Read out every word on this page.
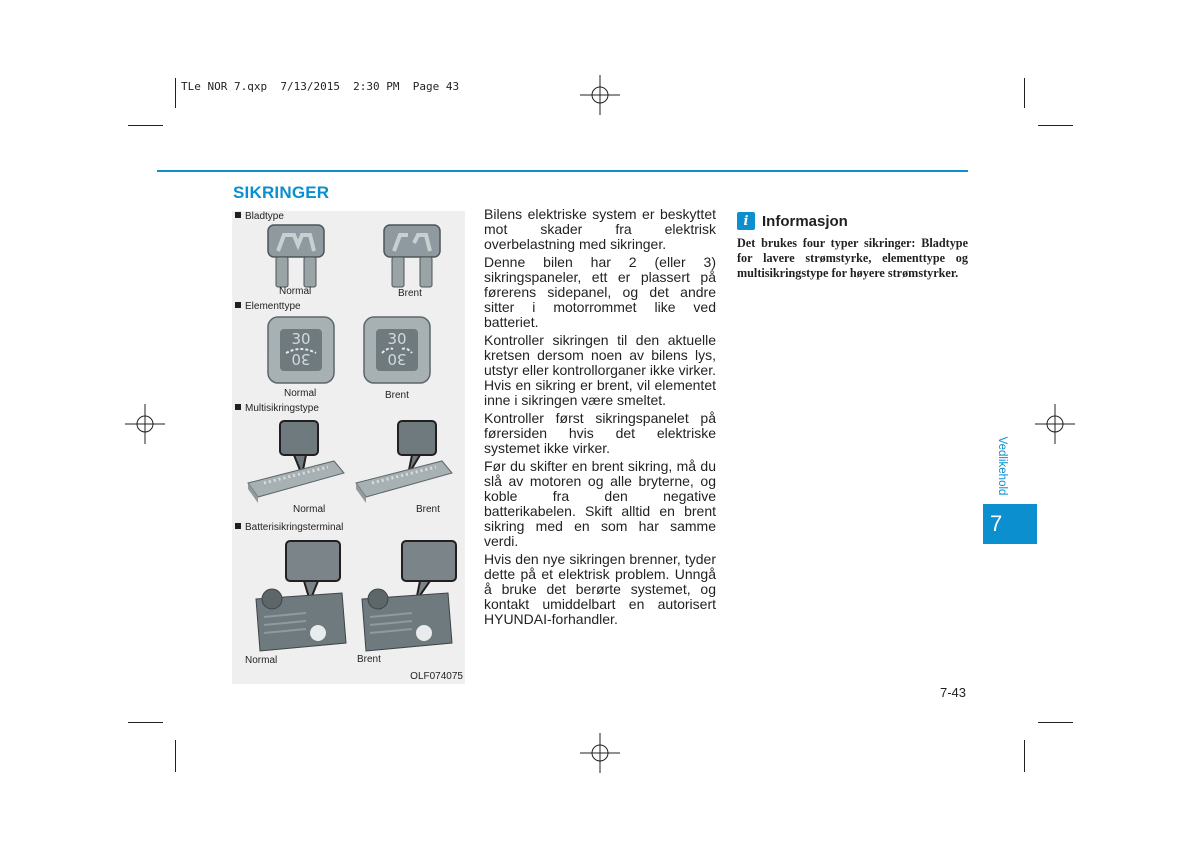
TLe NOR 7.qxp  7/13/2015  2:30 PM  Page 43
SIKRINGER
Bladtype
Normal	Brent
Elementtype
30
30
30
30
Normal	Brent
Multisikringstype
Normal	Brent
Batterisikringsterminal
Normal	Brent
OLF074075

Bilens elektriske system er beskyttet mot skader fra elektrisk overbelastning med sikringer.

Denne bilen har 2 (eller 3) sikringspaneler, ett er plassert på førerens sidepanel, og det andre sitter i motorrommet like ved batteriet.

Kontroller sikringen til den aktuelle kretsen dersom noen av bilens lys, utstyr eller kontrollorganer ikke virker. Hvis en sikring er brent, vil elementet inne i sikringen være smeltet.

Kontroller først sikringspanelet på førersiden hvis det elektriske systemet ikke virker.

Før du skifter en brent sikring, må du slå av motoren og alle bryterne, og koble fra den negative batterikabelen. Skift alltid en brent sikring med en som har samme verdi.

Hvis den nye sikringen brenner, tyder dette på et elektrisk problem. Unngå å bruke det berørte systemet, og kontakt umiddelbart en autorisert HYUNDAI-forhandler.

i Informasjon
Det brukes four typer sikringer: Bladtype for lavere strømstyrke, elementtype og multisikringstype for høyere strømstyrker.
Vedlikehold
7
7-43
